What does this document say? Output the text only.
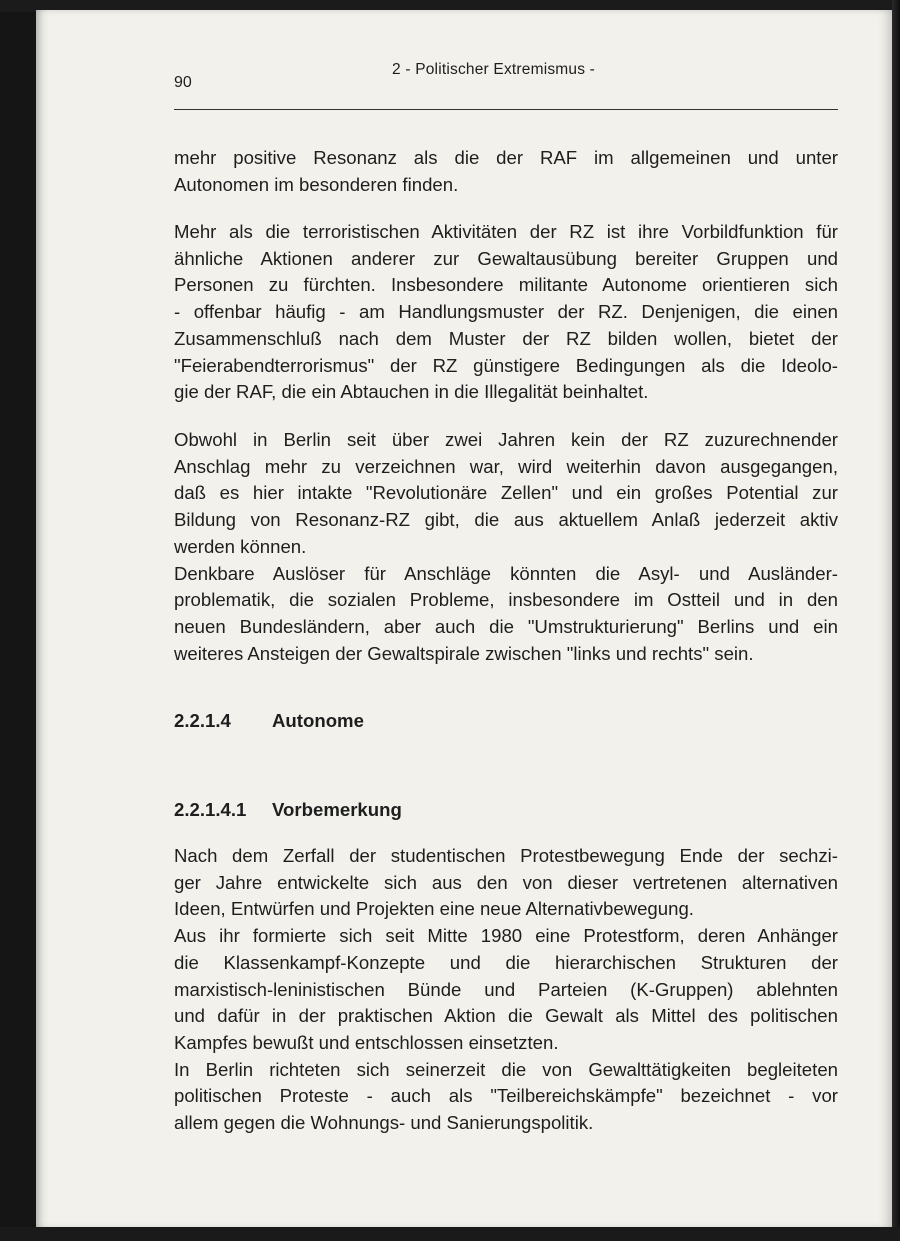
90
2 - Politischer Extremismus -

mehr positive Resonanz als die der RAF im allgemeinen und unter
Autonomen im besonderen finden.

Mehr als die terroristischen Aktivitäten der RZ ist ihre Vorbildfunktion für
ähnliche Aktionen anderer zur Gewaltausübung bereiter Gruppen und
Personen zu fürchten. Insbesondere militante Autonome orientieren sich
- offenbar häufig - am Handlungsmuster der RZ. Denjenigen, die einen
Zusammenschluß nach dem Muster der RZ bilden wollen, bietet der
"Feierabendterrorismus" der RZ günstigere Bedingungen als die Ideolo-
gie der RAF, die ein Abtauchen in die Illegalität beinhaltet.

Obwohl in Berlin seit über zwei Jahren kein der RZ zuzurechnender
Anschlag mehr zu verzeichnen war, wird weiterhin davon ausgegangen,
daß es hier intakte "Revolutionäre Zellen" und ein großes Potential zur
Bildung von Resonanz-RZ gibt, die aus aktuellem Anlaß jederzeit aktiv
werden können.
Denkbare Auslöser für Anschläge könnten die Asyl- und Ausländer-
problematik, die sozialen Probleme, insbesondere im Ostteil und in den
neuen Bundesländern, aber auch die "Umstrukturierung" Berlins und ein
weiteres Ansteigen der Gewaltspirale zwischen "links und rechts" sein.

2.2.1.4 Autonome
2.2.1.4.1 Vorbemerkung

Nach dem Zerfall der studentischen Protestbewegung Ende der sechzi-
ger Jahre entwickelte sich aus den von dieser vertretenen alternativen
Ideen, Entwürfen und Projekten eine neue Alternativbewegung.
Aus ihr formierte sich seit Mitte 1980 eine Protestform, deren Anhänger
die Klassenkampf-Konzepte und die hierarchischen Strukturen der
marxistisch-leninistischen Bünde und Parteien (K-Gruppen) ablehnten
und dafür in der praktischen Aktion die Gewalt als Mittel des politischen
Kampfes bewußt und entschlossen einsetzten.
In Berlin richteten sich seinerzeit die von Gewalttätigkeiten begleiteten
politischen Proteste - auch als "Teilbereichskämpfe" bezeichnet - vor
allem gegen die Wohnungs- und Sanierungspolitik.
